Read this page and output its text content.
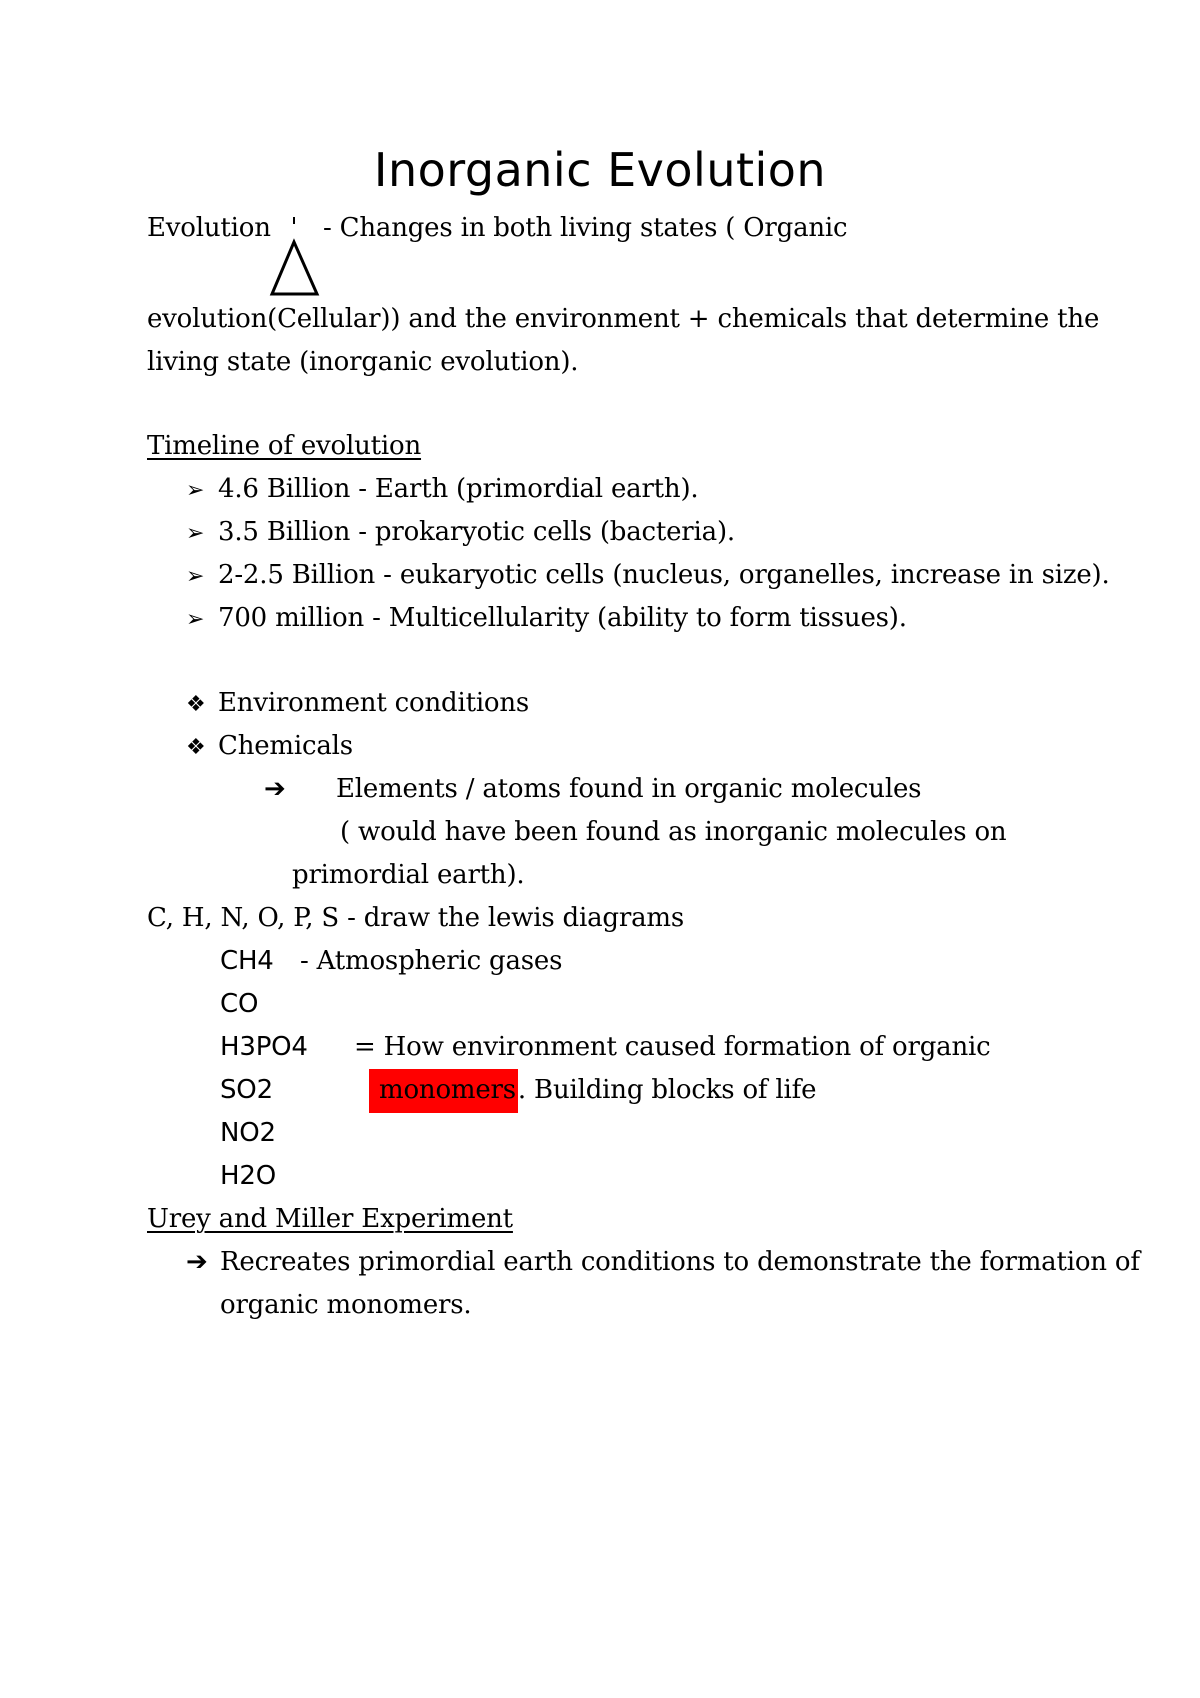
Inorganic Evolution
Evolution - Changes in both living states ( Organic
evolution(Cellular)) and the environment + chemicals that determine the
living state (inorganic evolution).
Timeline of evolution
➢ 4.6 Billion - Earth (primordial earth).
➢ 3.5 Billion - prokaryotic cells (bacteria).
➢ 2-2.5 Billion - eukaryotic cells (nucleus, organelles, increase in size).
➢ 700 million - Multicellularity (ability to form tissues).
❖ Environment conditions
❖ Chemicals
➔ Elements / atoms found in organic molecules
( would have been found as inorganic molecules on
primordial earth).
C, H, N, O, P, S - draw the lewis diagrams
CH4 - Atmospheric gases
CO
H3PO4 = How environment caused formation of organic
SO2	monomers. Building blocks of life
NO2
H2O
Urey and Miller Experiment
➔ Recreates primordial earth conditions to demonstrate the formation of
organic monomers.
